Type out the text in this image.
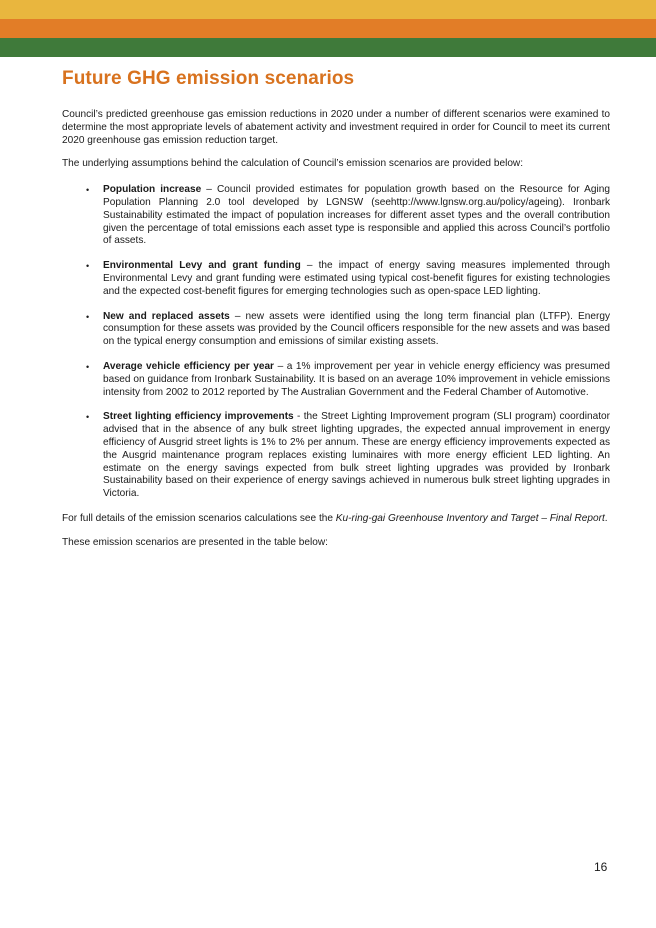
Future GHG emission scenarios

Council’s predicted greenhouse gas emission reductions in 2020 under a number of different scenarios were examined to determine the most appropriate levels of abatement activity and investment required in order for Council to meet its current 2020 greenhouse gas emission reduction target.

The underlying assumptions behind the calculation of Council’s emission scenarios are provided below:

• Population increase – Council provided estimates for population growth based on the Resource for Aging Population Planning 2.0 tool developed by LGNSW (seehttp://www.lgnsw.org.au/policy/ageing). Ironbark Sustainability estimated the impact of population increases for different asset types and the overall contribution given the percentage of total emissions each asset type is responsible and applied this across Council’s portfolio of assets.
• Environmental Levy and grant funding – the impact of energy saving measures implemented through Environmental Levy and grant funding were estimated using typical cost-benefit figures for existing technologies and the expected cost-benefit figures for emerging technologies such as open-space LED lighting.
• New and replaced assets – new assets were identified using the long term financial plan (LTFP). Energy consumption for these assets was provided by the Council officers responsible for the new assets and was based on the typical energy consumption and emissions of similar existing assets.
• Average vehicle efficiency per year – a 1% improvement per year in vehicle energy efficiency was presumed based on guidance from Ironbark Sustainability. It is based on an average 10% improvement in vehicle emissions intensity from 2002 to 2012 reported by The Australian Government and the Federal Chamber of Automotive.
• Street lighting efficiency improvements - the Street Lighting Improvement program (SLI program) coordinator advised that in the absence of any bulk street lighting upgrades, the expected annual improvement in energy efficiency of Ausgrid street lights is 1% to 2% per annum. These are energy efficiency improvements expected as the Ausgrid maintenance program replaces existing luminaires with more energy efficient LED lighting. An estimate on the energy savings expected from bulk street lighting upgrades was provided by Ironbark Sustainability based on their experience of energy savings achieved in numerous bulk street lighting upgrades in Victoria.

For full details of the emission scenarios calculations see the Ku-ring-gai Greenhouse Inventory and Target – Final Report.

These emission scenarios are presented in the table below:

16
